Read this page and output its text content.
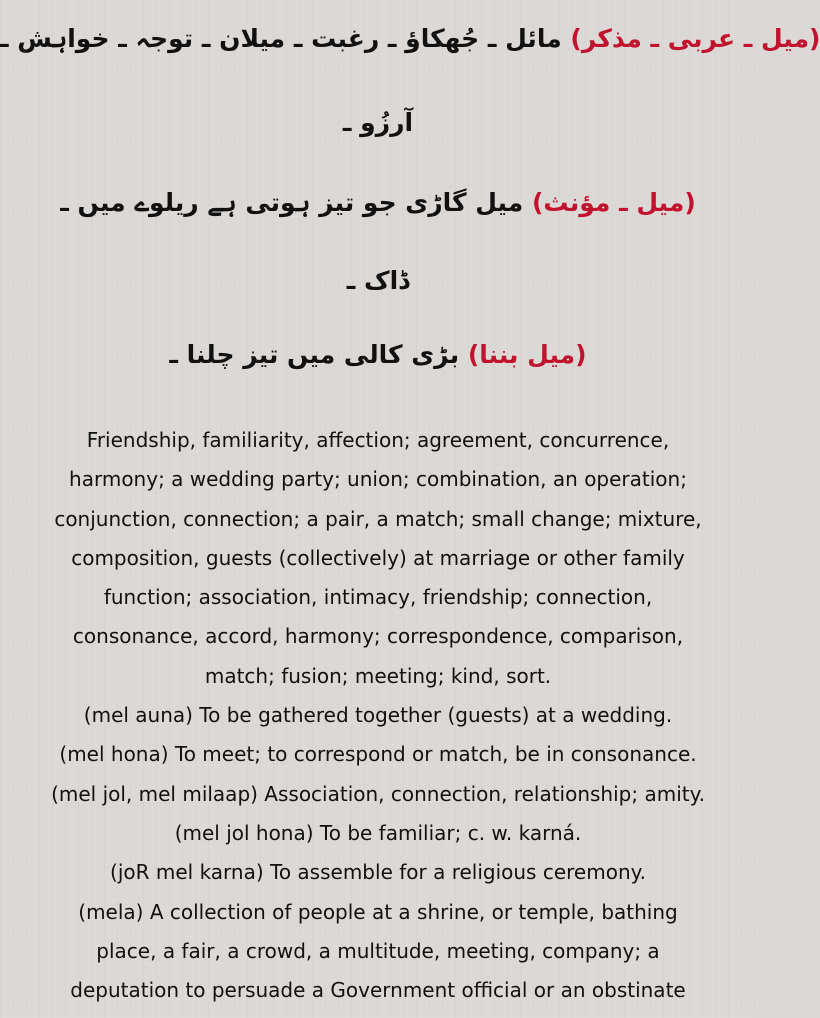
(میل ـ عربی ـ مذکر) مائل ـ جُھکاؤ ـ رغبت ـ میلان ـ توجہ ـ خواہش ـ
آرزُو ـ
(میل ـ مؤنث) میل گاڑی جو تیز ہوتی ہے ریلوے میں ـ
ڈاک ـ
(میل بننا) بڑی کالی میں تیز چلنا ـ
Friendship, familiarity, affection; agreement, concurrence,
harmony; a wedding party; union; combination, an operation;
conjunction, connection; a pair, a match; small change; mixture,
composition, guests (collectively) at marriage or other family
function; association, intimacy, friendship; connection,
consonance, accord, harmony; correspondence, comparison,
match; fusion; meeting; kind, sort.
(mel auna) To be gathered together (guests) at a wedding.
(mel hona) To meet; to correspond or match, be in consonance.
(mel jol, mel milaap) Association, connection, relationship; amity.
(mel jol hona) To be familiar; c. w. karná.
(joR mel karna) To assemble for a religious ceremony.
(mela) A collection of people at a shrine, or temple, bathing
place, a fair, a crowd, a multitude, meeting, company; a
deputation to persuade a Government official or an obstinate
